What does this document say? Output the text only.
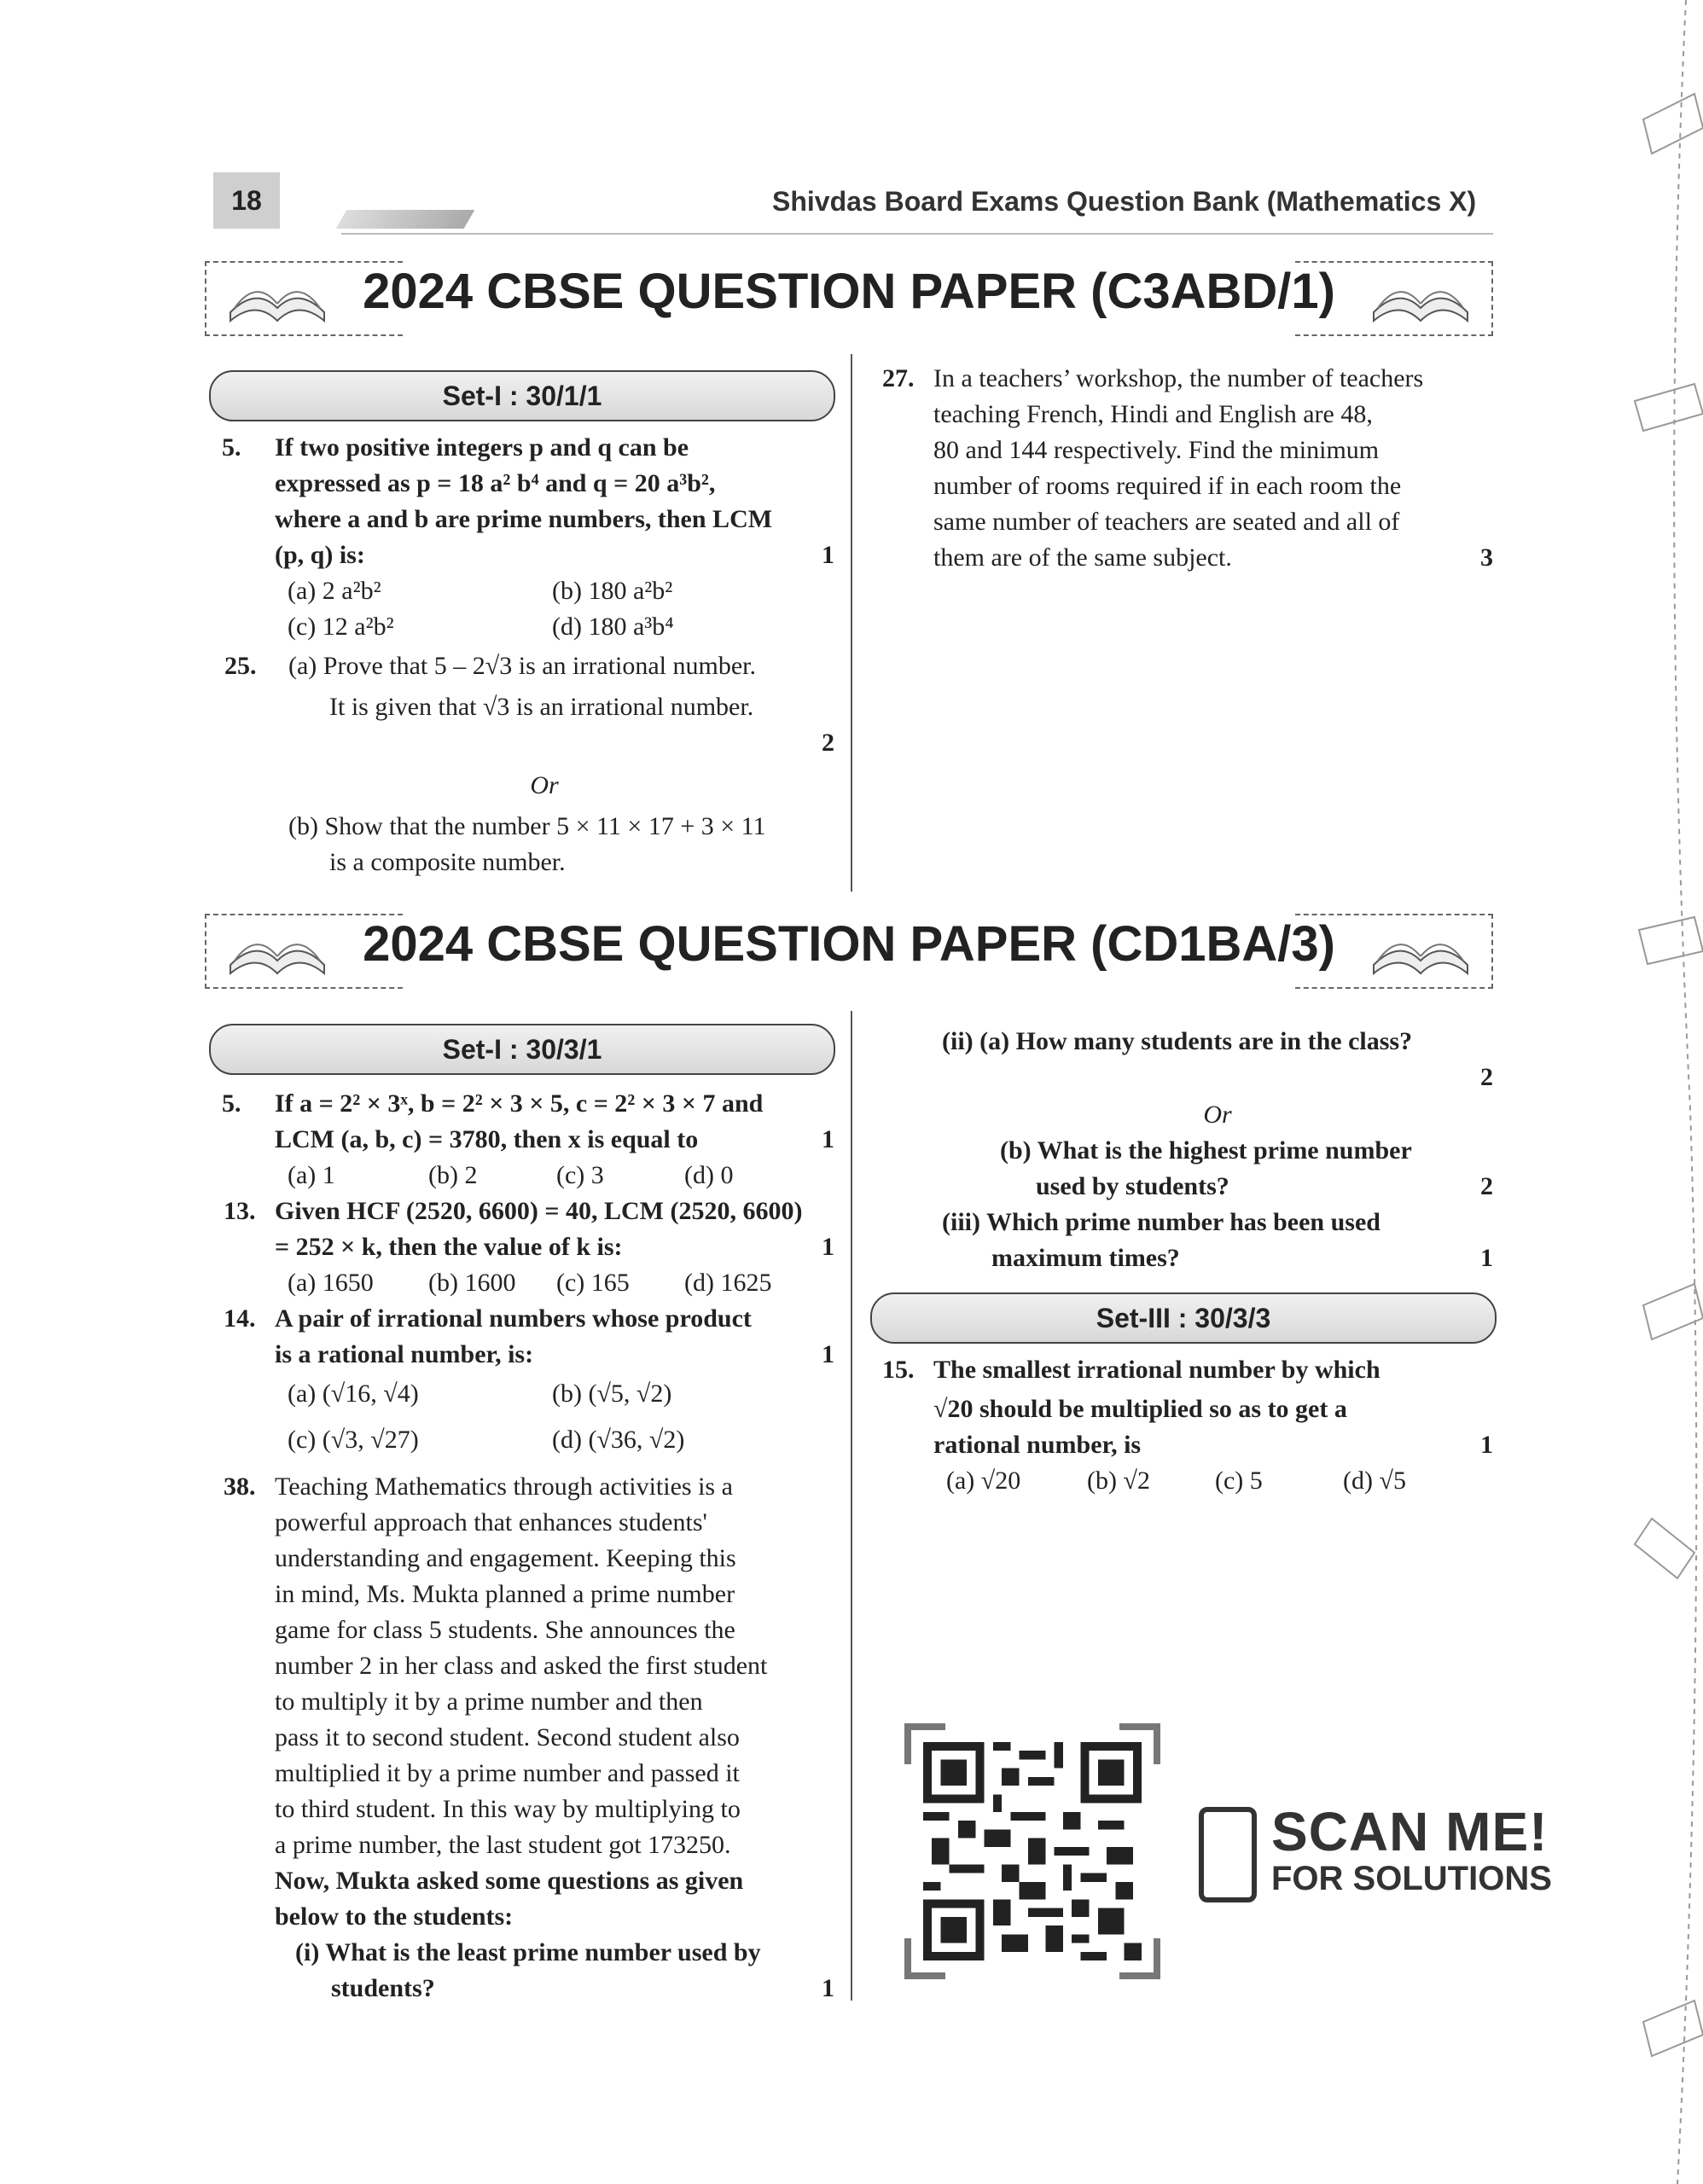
18	Shivdas Board Exams Question Bank (Mathematics X)
2024 CBSE QUESTION PAPER (C3ABD/1)
Set-I : 30/1/1
5. If two positive integers p and q can be
expressed as p = 18 a² b⁴ and q = 20 a³b²,
where a and b are prime numbers, then LCM
(p, q) is:	1
(a) 2 a²b²	(b) 180 a²b²
(c) 12 a²b²	(d) 180 a³b⁴
25. (a) Prove that 5 – 2√3 is an irrational number.
It is given that √3 is an irrational number.
2
Or
(b) Show that the number 5 × 11 × 17 + 3 × 11
is a composite number.
27. In a teachers’ workshop, the number of teachers
teaching French, Hindi and English are 48,
80 and 144 respectively. Find the minimum
number of rooms required if in each room the
same number of teachers are seated and all of
them are of the same subject.	3
2024 CBSE QUESTION PAPER (CD1BA/3)
Set-I : 30/3/1
5. If a = 2² × 3ˣ, b = 2² × 3 × 5, c = 2² × 3 × 7 and
LCM (a, b, c) = 3780, then x is equal to	1
(a) 1	(b) 2	(c) 3	(d) 0
13. Given HCF (2520, 6600) = 40, LCM (2520, 6600)
= 252 × k, then the value of k is:	1
(a) 1650 (b) 1600 (c) 165 (d) 1625
14. A pair of irrational numbers whose product
is a rational number, is:	1
(a) (√16, √4)	(b) (√5, √2)
(c) (√3, √27)	(d) (√36, √2)
38. Teaching Mathematics through activities is a
powerful approach that enhances students'
understanding and engagement. Keeping this
in mind, Ms. Mukta planned a prime number
game for class 5 students. She announces the
number 2 in her class and asked the first student
to multiply it by a prime number and then
pass it to second student. Second student also
multiplied it by a prime number and passed it
to third student. In this way by multiplying to
a prime number, the last student got 173250.
Now, Mukta asked some questions as given
below to the students:
(i) What is the least prime number used by
students?	1
(ii) (a) How many students are in the class?
2
Or
(b) What is the highest prime number
used by students?	2
(iii) Which prime number has been used
maximum times?	1
Set-III : 30/3/3
15. The smallest irrational number by which
√20 should be multiplied so as to get a
rational number, is	1
(a) √20	(b) √2	(c) 5	(d) √5
SCAN ME!
FOR SOLUTIONS
